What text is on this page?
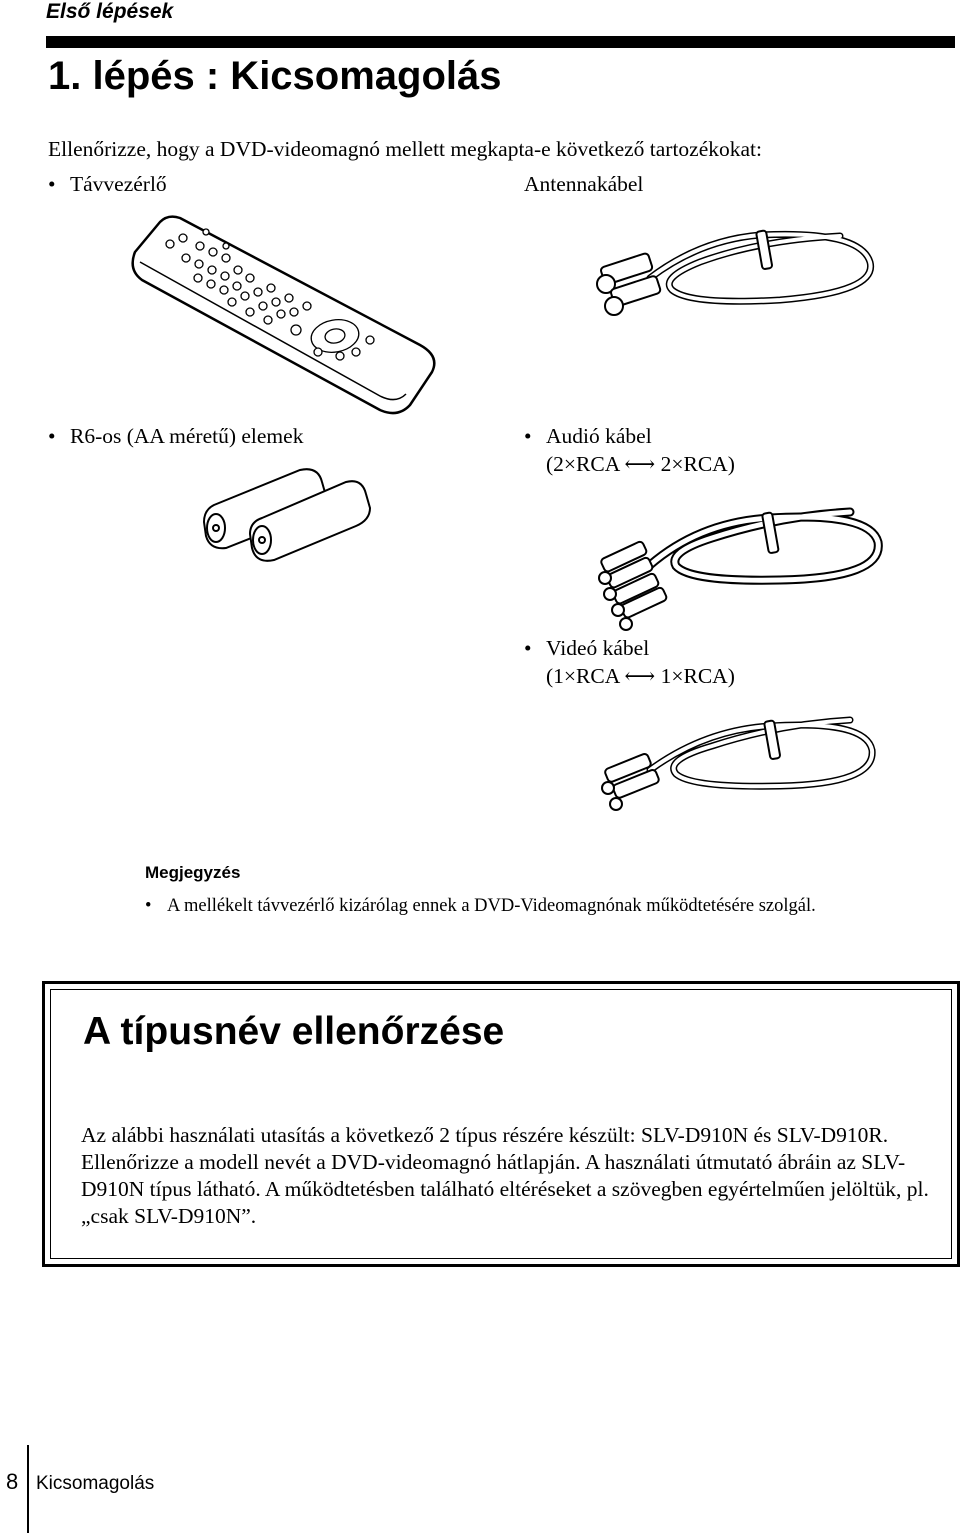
Első lépések
1. lépés : Kicsomagolás
Ellenőrizze, hogy a DVD-videomagnó mellett megkapta-e következő tartozékokat:
• Távvezérlő	Antennakábel
• R6-os (AA méretű) elemek	• Audió kábel
(2×RCA ⟷ 2×RCA)
• Videó kábel
(1×RCA ⟷ 1×RCA)
Megjegyzés
• A mellékelt távvezérlő kizárólag ennek a DVD-Videomagnónak működtetésére szolgál.
A típusnév ellenőrzése
Az alábbi használati utasítás a következő 2 típus részére készült: SLV-D910N és SLV-D910R. Ellenőrizze a modell nevét a DVD-videomagnó hátlapján. A használati útmutató ábráin az SLV-D910N típus látható. A működtetésben található eltéréseket a szövegben egyértelműen jelöltük, pl. „csak SLV-D910N”.
8 Kicsomagolás
